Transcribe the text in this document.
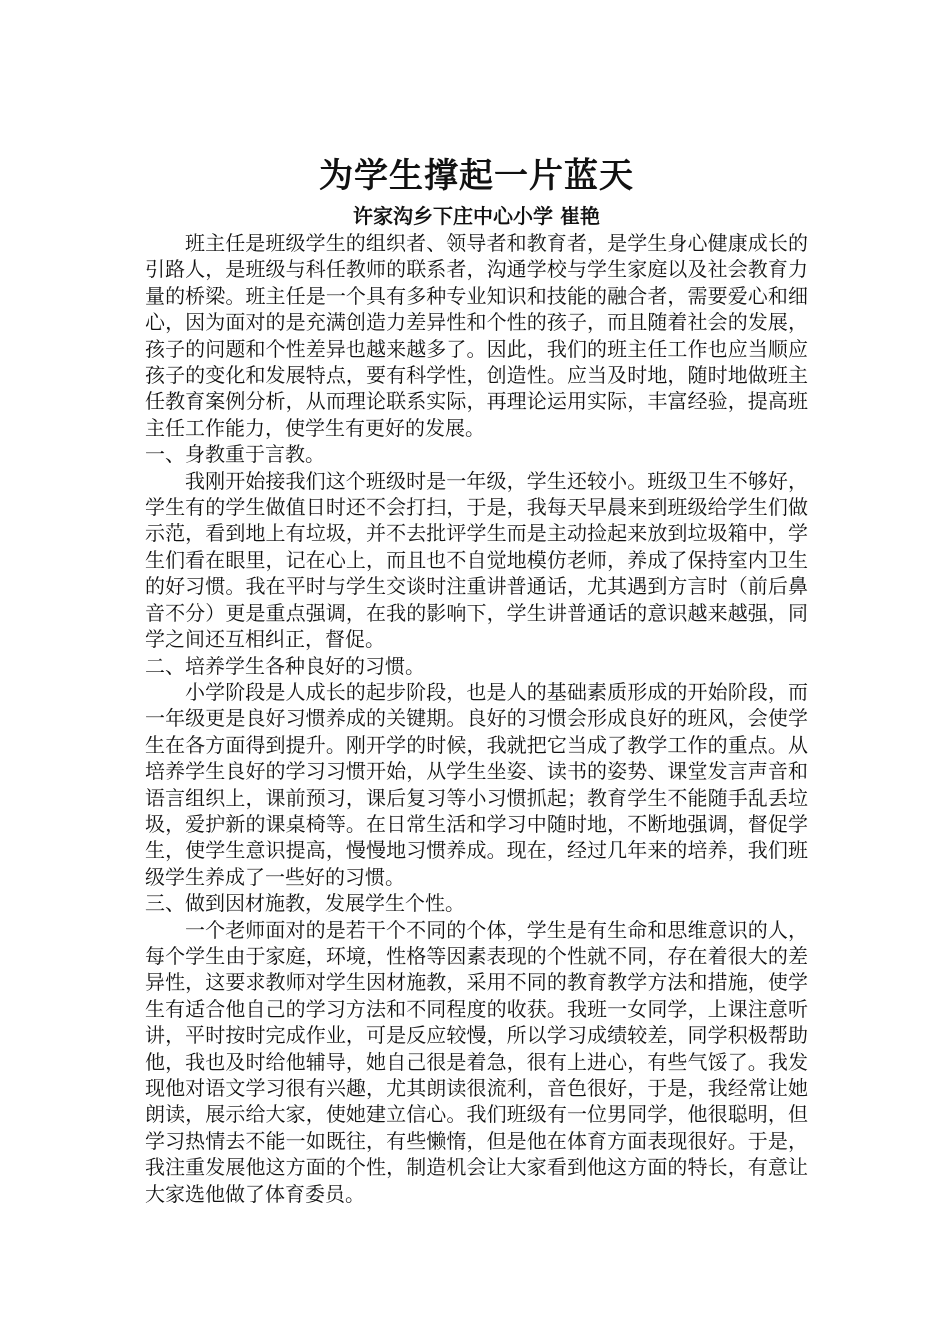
为学生撑起一片蓝天
许家沟乡下庄中心小学 崔艳

班主任是班级学生的组织者、领导者和教育者，是学生身心健康成长的引路人，是班级与科任教师的联系者，沟通学校与学生家庭以及社会教育力量的桥梁。班主任是一个具有多种专业知识和技能的融合者，需要爱心和细心，因为面对的是充满创造力差异性和个性的孩子，而且随着社会的发展，孩子的问题和个性差异也越来越多了。因此，我们的班主任工作也应当顺应孩子的变化和发展特点，要有科学性，创造性。应当及时地，随时地做班主任教育案例分析，从而理论联系实际，再理论运用实际，丰富经验，提高班主任工作能力，使学生有更好的发展。

一、身教重于言教。

我刚开始接我们这个班级时是一年级，学生还较小。班级卫生不够好，学生有的学生做值日时还不会打扫，于是，我每天早晨来到班级给学生们做示范，看到地上有垃圾，并不去批评学生而是主动捡起来放到垃圾箱中，学生们看在眼里，记在心上，而且也不自觉地模仿老师，养成了保持室内卫生的好习惯。我在平时与学生交谈时注重讲普通话，尤其遇到方言时（前后鼻音不分）更是重点强调，在我的影响下，学生讲普通话的意识越来越强，同学之间还互相纠正，督促。

二、培养学生各种良好的习惯。

小学阶段是人成长的起步阶段，也是人的基础素质形成的开始阶段，而一年级更是良好习惯养成的关键期。良好的习惯会形成良好的班风，会使学生在各方面得到提升。刚开学的时候，我就把它当成了教学工作的重点。从培养学生良好的学习习惯开始，从学生坐姿、读书的姿势、课堂发言声音和语言组织上，课前预习，课后复习等小习惯抓起；教育学生不能随手乱丢垃圾，爱护新的课桌椅等。在日常生活和学习中随时地，不断地强调，督促学生，使学生意识提高，慢慢地习惯养成。现在，经过几年来的培养，我们班级学生养成了一些好的习惯。

三、做到因材施教，发展学生个性。

一个老师面对的是若干个不同的个体，学生是有生命和思维意识的人，每个学生由于家庭，环境，性格等因素表现的个性就不同，存在着很大的差异性，这要求教师对学生因材施教，采用不同的教育教学方法和措施，使学生有适合他自己的学习方法和不同程度的收获。我班一女同学，上课注意听讲，平时按时完成作业，可是反应较慢，所以学习成绩较差，同学积极帮助他，我也及时给他辅导，她自己很是着急，很有上进心，有些气馁了。我发现他对语文学习很有兴趣，尤其朗读很流利，音色很好，于是，我经常让她朗读，展示给大家，使她建立信心。我们班级有一位男同学，他很聪明，但学习热情去不能一如既往，有些懒惰，但是他在体育方面表现很好。于是，我注重发展他这方面的个性，制造机会让大家看到他这方面的特长，有意让大家选他做了体育委员。
